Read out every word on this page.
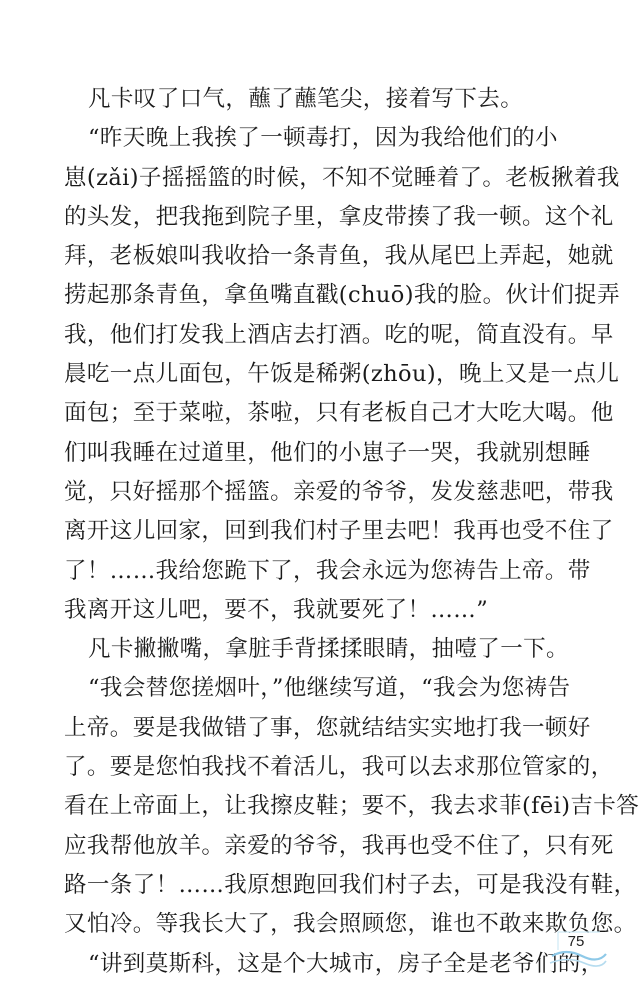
凡卡叹了口气，蘸了蘸笔尖，接着写下去。
“昨天晚上我挨了一顿毒打，因为我给他们的小
崽(zǎi)子摇摇篮的时候，不知不觉睡着了。老板揪着我
的头发，把我拖到院子里，拿皮带揍了我一顿。这个礼
拜，老板娘叫我收拾一条青鱼，我从尾巴上弄起，她就
捞起那条青鱼，拿鱼嘴直戳(chuō)我的脸。伙计们捉弄
我，他们打发我上酒店去打酒。吃的呢，简直没有。早
晨吃一点儿面包，午饭是稀粥(zhōu)，晚上又是一点儿
面包；至于菜啦，茶啦，只有老板自己才大吃大喝。他
们叫我睡在过道里，他们的小崽子一哭，我就别想睡
觉，只好摇那个摇篮。亲爱的爷爷，发发慈悲吧，带我
离开这儿回家，回到我们村子里去吧！我再也受不住了
了！……我给您跪下了，我会永远为您祷告上帝。带
我离开这儿吧，要不，我就要死了！……”
凡卡撇撇嘴，拿脏手背揉揉眼睛，抽噎了一下。
“我会替您搓烟叶，”他继续写道，“我会为您祷告
上帝。要是我做错了事，您就结结实实地打我一顿好
了。要是您怕我找不着活儿，我可以去求那位管家的，
看在上帝面上，让我擦皮鞋；要不，我去求菲(fēi)吉卡答
应我帮他放羊。亲爱的爷爷，我再也受不住了，只有死
路一条了！……我原想跑回我们村子去，可是我没有鞋，
又怕冷。等我长大了，我会照顾您，谁也不敢来欺负您。
“讲到莫斯科，这是个大城市，房子全是老爷们的，
75
